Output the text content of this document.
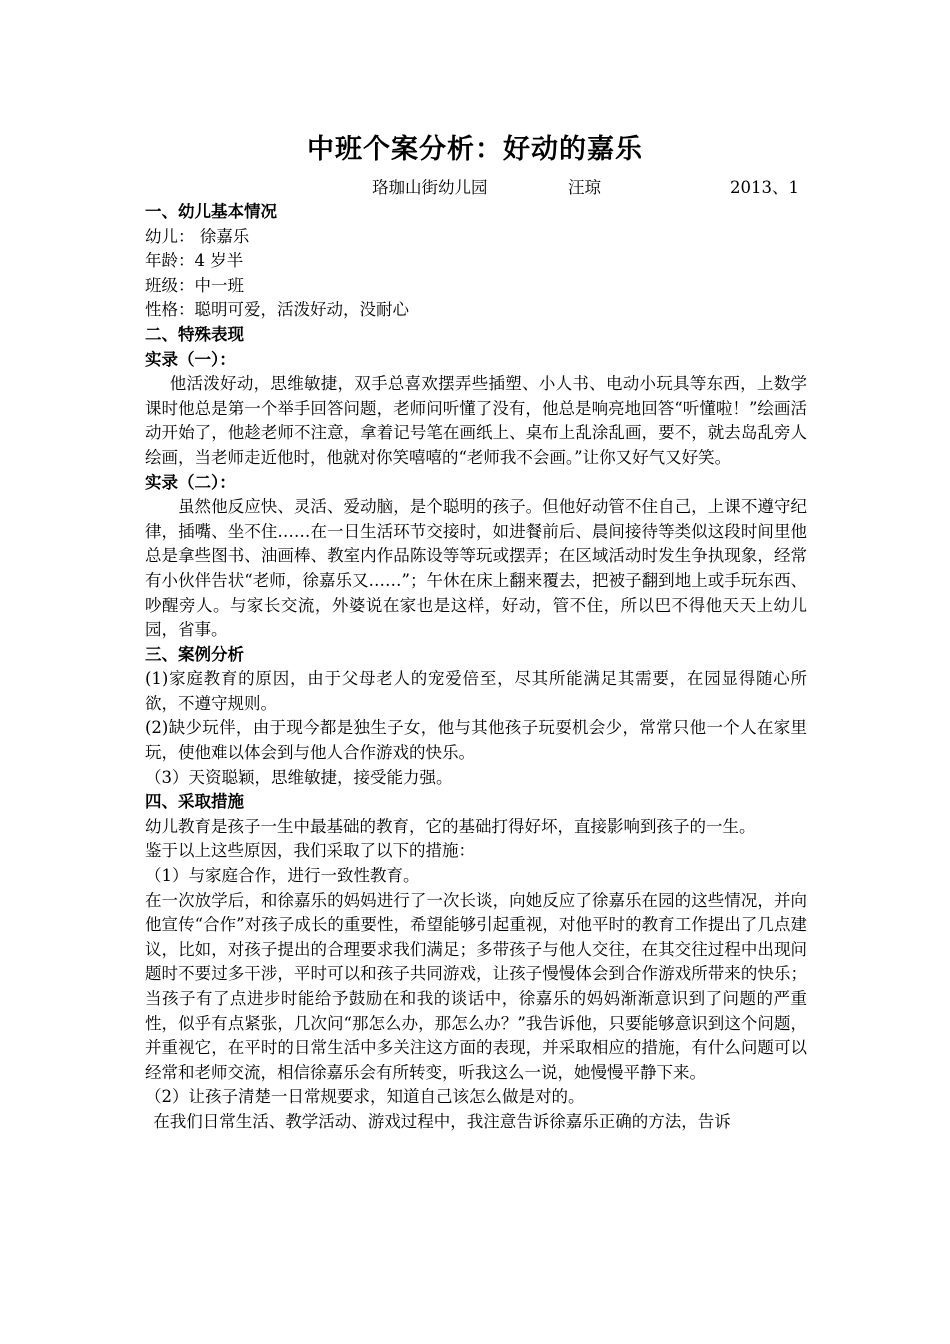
中班个案分析：好动的嘉乐
珞珈山街幼儿园	汪琼	2013、1

一、幼儿基本情况

幼儿： 徐嘉乐

年龄：4 岁半

班级：中一班

性格：聪明可爱，活泼好动，没耐心

二、特殊表现

实录（一）：

他活泼好动，思维敏捷，双手总喜欢摆弄些插塑、小人书、电动小玩具等东西，上数学课时他总是第一个举手回答问题，老师问听懂了没有，他总是响亮地回答“听懂啦！”绘画活动开始了，他趁老师不注意，拿着记号笔在画纸上、桌布上乱涂乱画，要不，就去岛乱旁人绘画，当老师走近他时，他就对你笑嘻嘻的“老师我不会画。”让你又好气又好笑。

实录（二）：

虽然他反应快、灵活、爱动脑，是个聪明的孩子。但他好动管不住自己，上课不遵守纪律，插嘴、坐不住……在一日生活环节交接时，如进餐前后、晨间接待等类似这段时间里他总是拿些图书、油画棒、教室内作品陈设等等玩或摆弄；在区域活动时发生争执现象，经常有小伙伴告状“老师，徐嘉乐又……”；午休在床上翻来覆去，把被子翻到地上或手玩东西、吵醒旁人。与家长交流，外婆说在家也是这样，好动，管不住，所以巴不得他天天上幼儿园，省事。

三、案例分析

(1)家庭教育的原因，由于父母老人的宠爱倍至，尽其所能满足其需要，在园显得随心所欲，不遵守规则。

(2)缺少玩伴，由于现今都是独生子女，他与其他孩子玩耍机会少，常常只他一个人在家里玩，使他难以体会到与他人合作游戏的快乐。

（3）天资聪颖，思维敏捷，接受能力强。

四、采取措施

幼儿教育是孩子一生中最基础的教育，它的基础打得好坏，直接影响到孩子的一生。

鉴于以上这些原因，我们采取了以下的措施：

（1）与家庭合作，进行一致性教育。

在一次放学后，和徐嘉乐的妈妈进行了一次长谈，向她反应了徐嘉乐在园的这些情况，并向他宣传“合作”对孩子成长的重要性，希望能够引起重视，对他平时的教育工作提出了几点建议，比如，对孩子提出的合理要求我们满足；多带孩子与他人交往，在其交往过程中出现问题时不要过多干涉，平时可以和孩子共同游戏，让孩子慢慢体会到合作游戏所带来的快乐；当孩子有了点进步时能给予鼓励在和我的谈话中，徐嘉乐的妈妈渐渐意识到了问题的严重性，似乎有点紧张，几次问“那怎么办，那怎么办？”我告诉他，只要能够意识到这个问题，并重视它，在平时的日常生活中多关注这方面的表现，并采取相应的措施，有什么问题可以经常和老师交流，相信徐嘉乐会有所转变，听我这么一说，她慢慢平静下来。

（2）让孩子清楚一日常规要求，知道自己该怎么做是对的。

在我们日常生活、教学活动、游戏过程中，我注意告诉徐嘉乐正确的方法，告诉
